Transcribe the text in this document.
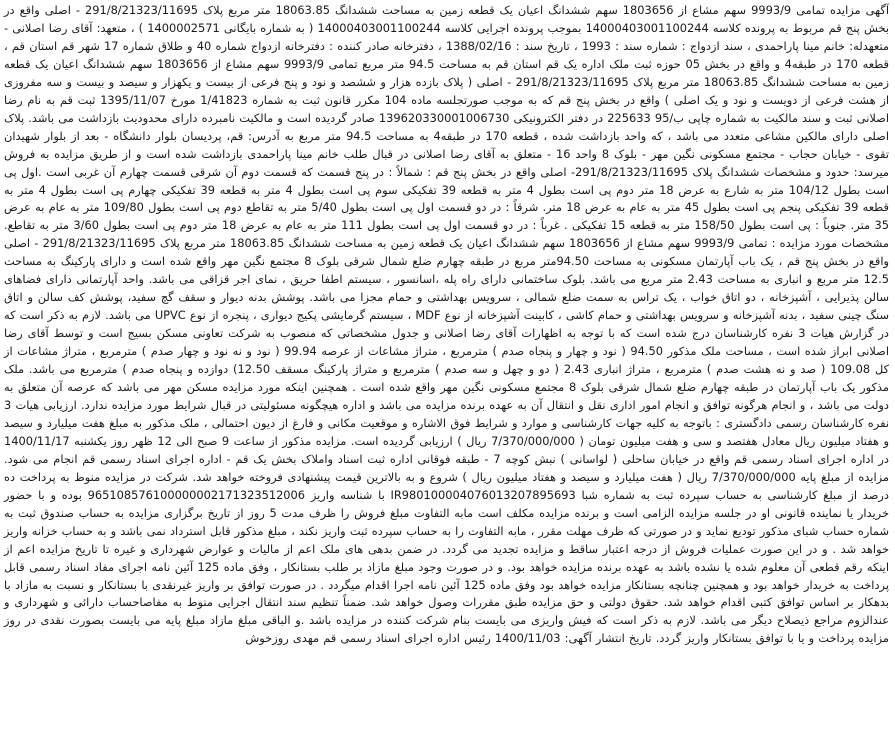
آگهی مزایده تمامی 9993/9 سهم مشاع از 1803656 سهم ششدانگ اعیان یک قطعه زمین به مساحت ششدانگ 18063.85 متر مربع پلاک 291/8/21323/11695 - اصلی واقع در بخش پنج قم مربوط به پرونده کلاسه 14000403001100244 بموجب پرونده اجرایی کلاسه 14000403001100244 ( به شماره بایگانی 1400002571 ) ، متعهد: آقای رضا اصلانی - متعهدله: خانم مینا پاراحمدی ، سند ازدواج : شماره سند : 1993 ، تاریخ سند : 1388/02/16 ، دفترخانه صادر کننده : دفترخانه ازدواج شماره 40 و طلاق شماره 17 شهر قم استان قم ، قطعه 170 در طبقه4 و واقع در بخش 05 حوزه ثبت ملک اداره یک قم استان قم به مساحت 94.5 متر مربع تمامی 9993/9 سهم مشاع از 1803656 سهم ششدانگ اعیان یک قطعه زمین به مساحت ششدانگ 18063.85 متر مربع پلاک 291/8/21323/11695 - اصلی ( پلاک بازده هزار و ششصد و نود و پنج فرعی از بیست و یکهزار و سیصد و بیست و سه مفروزی از هشت فرعی از دویست و نود و یک اصلی ) واقع در بخش پنج قم که به موجب صورتجلسه ماده 104 مکرر قانون ثبت به شماره 1/41823 مورخ 1395/11/07 ثبت قم به نام رضا اصلانی ثبت و سند مالکیت به شماره چاپی ب/95 225633 در دفتر الکترونیکی 139620330001006730 صادر گردیده است و مالکیت نامبرده دارای محدودیت بازداشت می باشد. پلاک اصلی دارای مالکین مشاعی متعدد می باشد ، که واحد بازداشت شده ، قطعه 170 در طبقه4 به مساحت 94.5 متر مربع به آدرس: قم، پردیسان بلوار دانشگاه - بعد از بلوار شهیدان تقوی - خیابان حجاب - مجتمع مسکونی نگین مهر - بلوک 8 واحد 16 - متعلق به آقای رضا اصلانی در قبال طلب خانم مینا پاراحمدی بازداشت شده است و از طریق مزایده به فروش میرسد: حدود و مشخصات ششدانگ پلاک 291/8/21323/11695- اصلی واقع در بخش پنج قم : شمالاً : در پنج قسمت که قسمت دوم آن شرقی قسمت چهارم آن غربی است .اول پی است بطول 104/12 متر به شارع به عرض 18 متر دوم پی است بطول 4 متر به قطعه 39 تفکیکی سوم پی است بطول 4 متر به قطعه 39 تفکیکی چهارم پی است بطول 4 متر به قطعه 39 تفکیکی پنجم پی است بطول 45 متر به عام به عرض 18 متر. شرقاً : در دو قسمت اول پی است بطول 5/40 متر به تقاطع دوم پی است بطول 109/80 متر به عام به عرض 35 متر. جنوباً : پی است بطول 158/50 متر به قطعه 15 تفکیکی . غرباً : در دو قسمت اول پی است بطول 111 متر به عام به عرض 18 متر دوم پی است بطول 3/60 متر به تقاطع. مشخصات مورد مزایده : تمامی 9993/9 سهم مشاع از 1803656 سهم ششدانگ اعیان یک قطعه زمین به مساحت ششدانگ 18063.85 متر مربع پلاک 291/8/21323/11695 - اصلی واقع در بخش پنج قم ، یک باب آپارتمان مسکونی به مساحت 94.50متر مربع در طبقه چهارم ضلع شمال شرقی بلوک 8 مجتمع نگین مهر واقع شده است و دارای پارکینگ به مساحت 12.5 متر مربع و انباری به مساحت 2.43 متر مربع می باشد. بلوک ساختمانی دارای راه پله ،اسانسور ، سیستم اطفا حریق ، نمای اجر قزاقی می باشد. واحد آپارتمانی دارای فضاهای سالن پذیرایی ، آشپزخانه ، دو اتاق خواب ، یک تراس به سمت ضلع شمالی ، سرویس بهداشتی و حمام مجزا می باشد. پوشش بدنه دیوار و سقف گچ سفید، پوشش کف سالن و اتاق سنگ چینی سفید ، بدنه آشپزخانه و سرویس بهداشتی و حمام کاشی ، کابینت آشپزخانه از نوع MDF ، سیستم گرمایشی پکیج دیواری ، پنجره از نوع UPVC می باشد. لازم به ذکر است که در گزارش هیات 3 نفره کارشناسان درج شده است که با توجه به اظهارات آقای رضا اصلانی و جدول مشخصاتی که منصوب به شرکت تعاونی مسکن بسیج است و توسط آقای رضا اصلانی ابراز شده است ، مساحت ملک مذکور 94.50 ( نود و چهار و پنجاه صدم ) مترمربع ، متراژ مشاعات از عرصه 99.94 ( نود و نه نود و چهار صدم ) مترمربع ، متراژ مشاعات از کل 109.08 ( صد و نه هشت صدم ) مترمربع ، متراژ انباری 2.43 ( دو و چهل و سه صدم ) مترمربع و متراژ پارکینگ مسقف 12.50) دوازده و پنجاه صدم ) مترمربع می باشد. ملک مذکور یک باب آپارتمان در طبقه چهارم ضلع شمال شرقی بلوک 8 مجتمع مسکونی نگین مهر واقع شده است . همچنین اینکه مورد مزایده مسکن مهر می باشد که عرصه آن متعلق به دولت می باشد ، و انجام هرگونه توافق و انجام امور اداری نقل و انتقال آن به عهده برنده مزایده می باشد و اداره هیچگونه مسئولیتی در قبال شرایط مورد مزایده ندارد. ارزیابی هیات 3 نفره کارشناسان رسمی دادگستری : باتوجه به کلیه جهات کارشناسی و موارد و شرایط فوق الاشاره و موقعیت مکانی و فارغ از دیون احتمالی ، ملک مذکور به مبلغ هفت میلیارد و سیصد و هفتاد میلیون ریال معادل هفتصد و سی و هفت میلیون تومان ( 7/370/000/000 ریال ) ارزیابی گردیده است. مزایده مذکور از ساعت 9 صبح الی 12 ظهر روز یکشنبه 1400/11/17 در اداره اجرای اسناد رسمی قم واقع در خیابان ساحلی ( لواسانی ) نبش کوچه 7 - طبقه فوقانی اداره ثبت اسناد واملاک بخش یک قم - اداره اجرای اسناد رسمی قم انجام می شود. مزایده از مبلغ پایه 7/370/000/000 ریال ( هفت میلیارد و سیصد و هفتاد میلیون ریال ) شروع و به بالاترین قیمت پیشنهادی فروخته خواهد شد. شرکت در مزایده منوط به پرداخت ده درصد از مبلغ کارشناسی به حساب سپرده ثبت به شماره شبا IR980100004076013207895693 با شناسه واریز 965108576100000002171323512006 بوده و با حضور خریدار یا نماینده قانونی او در جلسه مزایده الزامی است و برنده مزایده مکلف است مابه التفاوت مبلغ فروش را ظرف مدت 5 روز از تاریخ برگزاری مزایده به حساب صندوق ثبت به شماره حساب شبای مذکور تودیع نماید و در صورتی که ظرف مهلت مقرر ، مابه التفاوت را به حساب سپرده ثبت واریز نکند ، مبلغ مذکور قابل استرداد نمی باشد و به حساب خزانه واریز خواهد شد . و در این صورت عملیات فروش از درجه اعتبار ساقط و مزایده تجدید می گردد. در ضمن بدهی های ملک اعم از مالیات و عوارض شهرداری و غیره تا تاریخ مزایده اعم از اینکه رقم قطعی آن معلوم شده یا نشده باشد به عهده برنده مزایده خواهد بود. و در صورت وجود مبلغ مازاد بر طلب بستانکار ، وفق ماده 125 آئین نامه اجرای مفاد اسناد رسمی قابل پرداخت به خریدار خواهد بود و همچنین چنانچه بستانکار مزایده خواهد بود وفق ماده 125 آئین نامه اجرا اقدام میگردد . در صورت توافق بر واریز غیرنقدی با بستانکار و نسبت به مازاد با بدهکار بر اساس توافق کتبی اقدام خواهد شد. حقوق دولتی و حق مزایده طبق مقررات وصول خواهد شد. ضمناً تنظیم سند انتقال اجرایی منوط به مفاصاحساب دارائی و شهرداری و عندالزوم مراجع ذیصلاح دیگر می باشد. لازم به ذکر است که فیش واریزی می بایست بنام شرکت کننده در مزایده باشد .و الباقی مبلغ مازاد مبلغ پایه می بایست بصورت نقدی در روز مزایده پرداخت و یا با توافق بستانکار واریز گردد. تاریخ انتشار آگهی: 1400/11/03 رئیس اداره اجرای اسناد رسمی قم مهدی روزخوش
